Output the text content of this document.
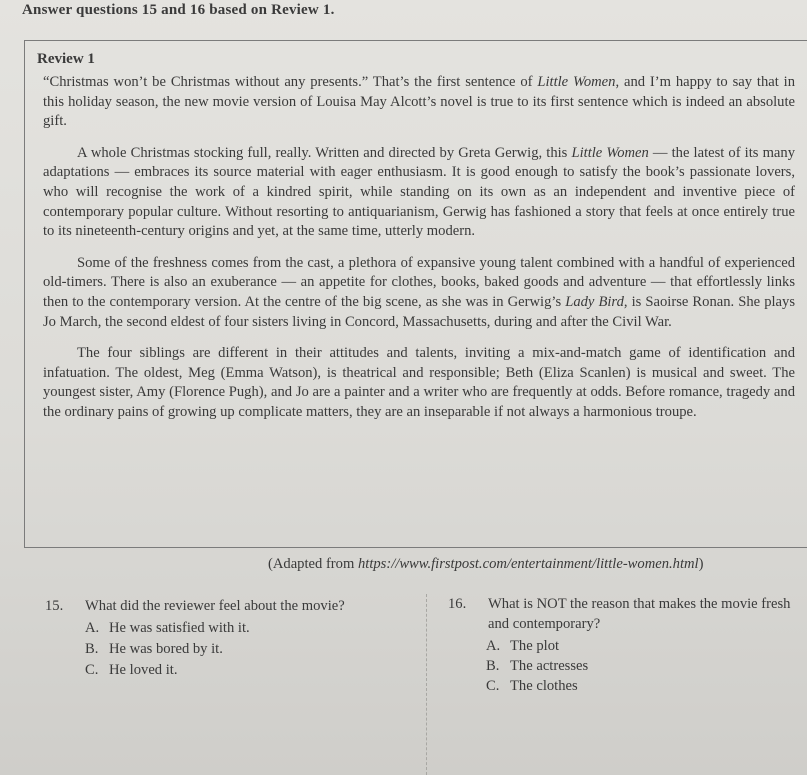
Answer questions 15 and 16 based on Review 1.
Review 1

“Christmas won’t be Christmas without any presents.” That’s the first sentence of Little Women, and I’m happy to say that in this holiday season, the new movie version of Louisa May Alcott’s novel is true to its first sentence which is indeed an absolute gift.

A whole Christmas stocking full, really. Written and directed by Greta Gerwig, this Little Women — the latest of its many adaptations — embraces its source material with eager enthusiasm. It is good enough to satisfy the book’s passionate lovers, who will recognise the work of a kindred spirit, while standing on its own as an independent and inventive piece of contemporary popular culture. Without resorting to antiquarianism, Gerwig has fashioned a story that feels at once entirely true to its nineteenth-century origins and yet, at the same time, utterly modern.

Some of the freshness comes from the cast, a plethora of expansive young talent combined with a handful of experienced old-timers. There is also an exuberance — an appetite for clothes, books, baked goods and adventure — that effortlessly links then to the contemporary version. At the centre of the big scene, as she was in Gerwig’s Lady Bird, is Saoirse Ronan. She plays Jo March, the second eldest of four sisters living in Concord, Massachusetts, during and after the Civil War.

The four siblings are different in their attitudes and talents, inviting a mix-and-match game of identification and infatuation. The oldest, Meg (Emma Watson), is theatrical and responsible; Beth (Eliza Scanlen) is musical and sweet. The youngest sister, Amy (Florence Pugh), and Jo are a painter and a writer who are frequently at odds. Before romance, tragedy and the ordinary pains of growing up complicate matters, they are an inseparable if not always a harmonious troupe.

(Adapted from https://www.firstpost.com/entertainment/little-women.html)
15.	What did the reviewer feel about the movie?
A. He was satisfied with it.
B. He was bored by it.
C. He loved it.
16.	What is NOT the reason that makes the movie fresh and contemporary?
A. The plot
B. The actresses
C. The clothes
